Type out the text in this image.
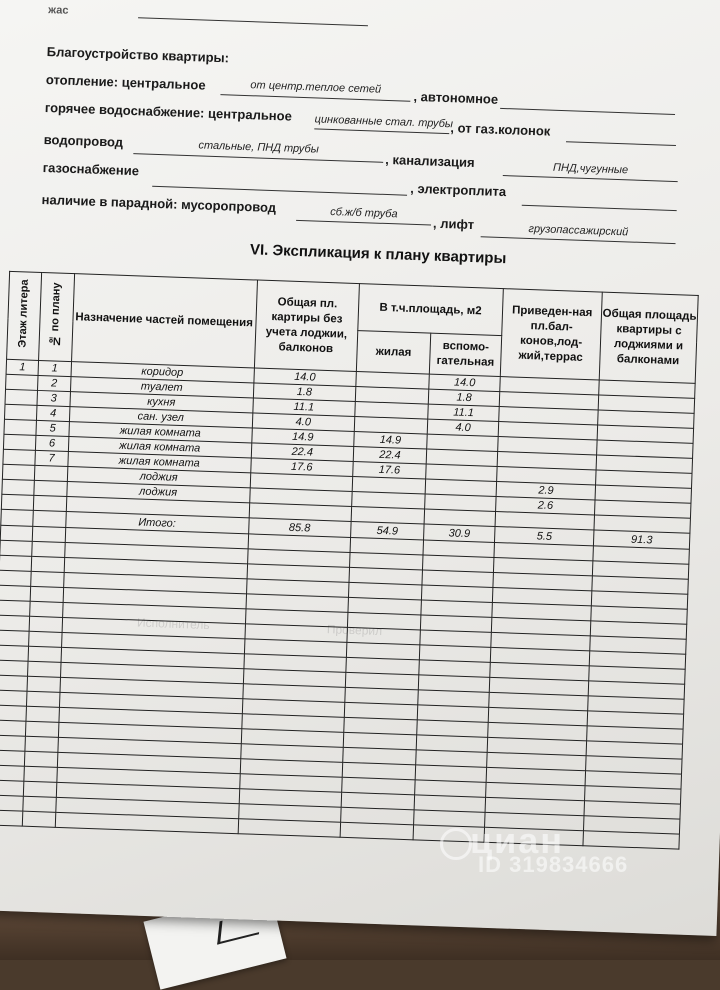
жас
Благоустройство квартиры:
отопление: центральное	от центр.теплое сетей
, автономное
горячее водоснабжение: центральное цинкованные стал. трубы
, от газ.колонок
водопровод	стальные, ПНД трубы
, канализация	ПНД,чугунные
газоснабжение
, электроплита
наличие в парадной: мусоропровод	сб.ж/б труба
, лифт	грузопассажирский
VI. Экспликация к плану квартиры
Этаж литера	№ по плану	Назначение частей помещения	Общая пл. картиры без учета лоджии, балконов	В т.ч.площадь, м2		Приведен-ная пл.бал-конов,лод-жий,террас	Общая площадь квартиры с лоджиями и балконами
				жилая	вспомо-гательная		
1	1	коридор	14.0		14.0		
	2	туалет	1.8		1.8		
	3	кухня	11.1		11.1		
	4	сан. узел	4.0		4.0		
	5	жилая комната	14.9	14.9			
	6	жилая комната	22.4	22.4			
	7	жилая комната	17.6	17.6			
		лоджия				2.9	
		лоджия				2.6	

		Итого:	85.8	54.9	30.9	5.5	91.3

Исполнитель	Проверил
циан
ID 319834666
